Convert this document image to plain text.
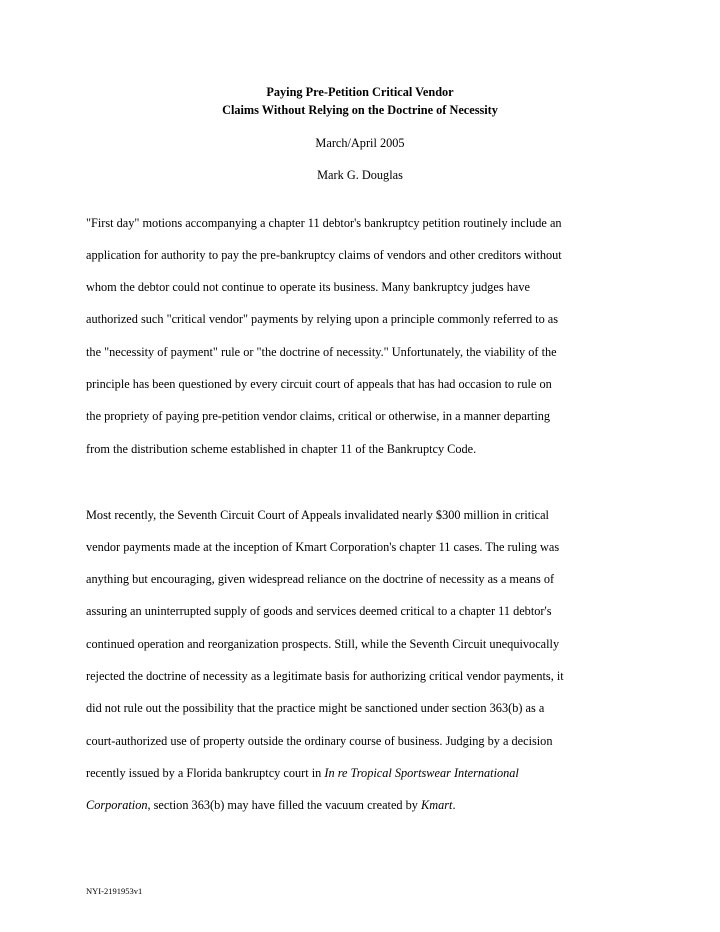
Paying Pre-Petition Critical Vendor
Claims Without Relying on the Doctrine of Necessity
March/April 2005
Mark G. Douglas
"First day" motions accompanying a chapter 11 debtor's bankruptcy petition routinely include an
application for authority to pay the pre-bankruptcy claims of vendors and other creditors without
whom the debtor could not continue to operate its business. Many bankruptcy judges have
authorized such "critical vendor" payments by relying upon a principle commonly referred to as
the "necessity of payment" rule or "the doctrine of necessity." Unfortunately, the viability of the
principle has been questioned by every circuit court of appeals that has had occasion to rule on
the propriety of paying pre-petition vendor claims, critical or otherwise, in a manner departing
from the distribution scheme established in chapter 11 of the Bankruptcy Code.
Most recently, the Seventh Circuit Court of Appeals invalidated nearly $300 million in critical
vendor payments made at the inception of Kmart Corporation's chapter 11 cases. The ruling was
anything but encouraging, given widespread reliance on the doctrine of necessity as a means of
assuring an uninterrupted supply of goods and services deemed critical to a chapter 11 debtor's
continued operation and reorganization prospects. Still, while the Seventh Circuit unequivocally
rejected the doctrine of necessity as a legitimate basis for authorizing critical vendor payments, it
did not rule out the possibility that the practice might be sanctioned under section 363(b) as a
court-authorized use of property outside the ordinary course of business. Judging by a decision
recently issued by a Florida bankruptcy court in In re Tropical Sportswear International
Corporation, section 363(b) may have filled the vacuum created by Kmart.
NYI-2191953v1
